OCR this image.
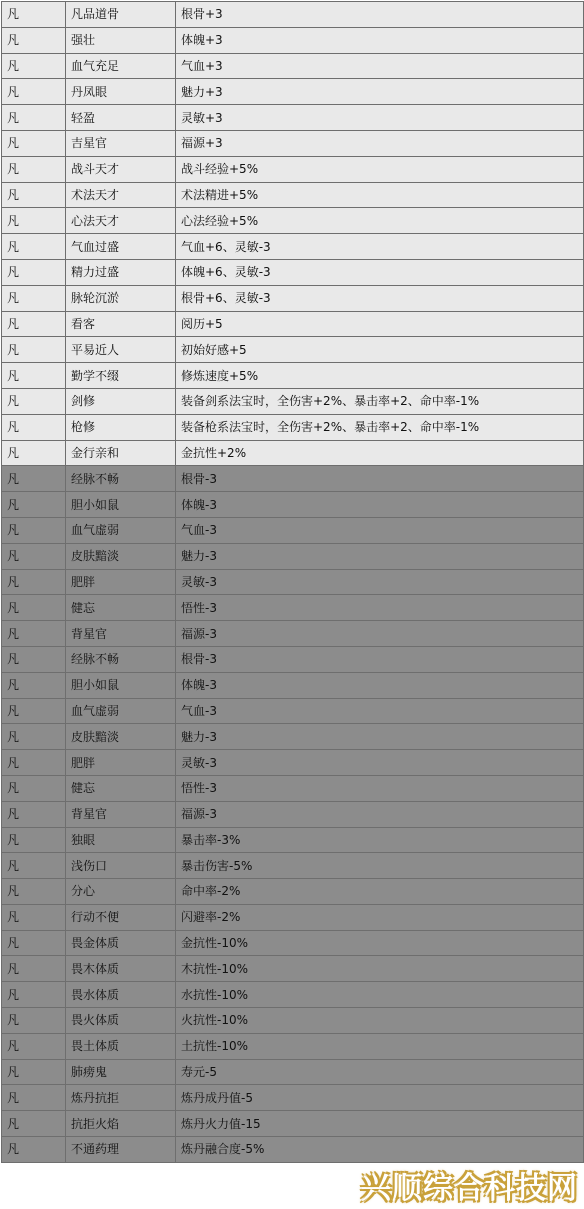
凡	凡品道骨	根骨+3
凡	强壮	体魄+3
凡	血气充足	气血+3
凡	丹凤眼	魅力+3
凡	轻盈	灵敏+3
凡	吉星官	福源+3
凡	战斗天才	战斗经验+5%
凡	术法天才	术法精进+5%
凡	心法天才	心法经验+5%
凡	气血过盛	气血+6、灵敏-3
凡	精力过盛	体魄+6、灵敏-3
凡	脉轮沉淤	根骨+6、灵敏-3
凡	看客	阅历+5
凡	平易近人	初始好感+5
凡	勤学不缀	修炼速度+5%
凡	剑修	装备剑系法宝时，全伤害+2%、暴击率+2、命中率-1%
凡	枪修	装备枪系法宝时，全伤害+2%、暴击率+2、命中率-1%
凡	金行亲和	金抗性+2%
凡	经脉不畅	根骨-3
凡	胆小如鼠	体魄-3
凡	血气虚弱	气血-3
凡	皮肤黯淡	魅力-3
凡	肥胖	灵敏-3
凡	健忘	悟性-3
凡	背星官	福源-3
凡	经脉不畅	根骨-3
凡	胆小如鼠	体魄-3
凡	血气虚弱	气血-3
凡	皮肤黯淡	魅力-3
凡	肥胖	灵敏-3
凡	健忘	悟性-3
凡	背星官	福源-3
凡	独眼	暴击率-3%
凡	浅伤口	暴击伤害-5%
凡	分心	命中率-2%
凡	行动不便	闪避率-2%
凡	畏金体质	金抗性-10%
凡	畏木体质	木抗性-10%
凡	畏水体质	水抗性-10%
凡	畏火体质	火抗性-10%
凡	畏土体质	土抗性-10%
凡	肺痨鬼	寿元-5
凡	炼丹抗拒	炼丹成丹值-5
凡	抗拒火焰	炼丹火力值-15
凡	不通药理	炼丹融合度-5%
兴顺综合科技网
